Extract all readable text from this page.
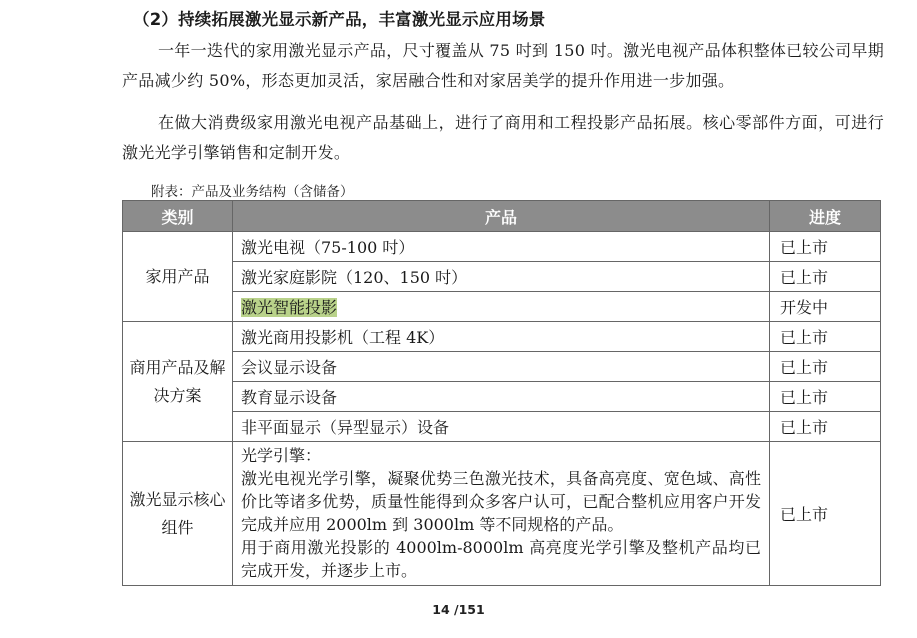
（2）持续拓展激光显示新产品，丰富激光显示应用场景
一年一迭代的家用激光显示产品，尺寸覆盖从 75 吋到 150 吋。激光电视产品体积整体已较公司早期产品减少约 50%，形态更加灵活，家居融合性和对家居美学的提升作用进一步加强。
在做大消费级家用激光电视产品基础上，进行了商用和工程投影产品拓展。核心零部件方面，可进行激光光学引擎销售和定制开发。
附表：产品及业务结构（含储备）
类别	产品	进度
家用产品	激光电视（75-100 吋）	已上市
	激光家庭影院（120、150 吋）	已上市
	激光智能投影	开发中
商用产品及解决方案	激光商用投影机（工程 4K）	已上市
	会议显示设备	已上市
	教育显示设备	已上市
	非平面显示（异型显示）设备	已上市
激光显示核心组件	光学引擎：
激光电视光学引擎，凝聚优势三色激光技术，具备高亮度、宽色域、高性价比等诸多优势，质量性能得到众多客户认可，已配合整机应用客户开发完成并应用 2000lm 到 3000lm 等不同规格的产品。
用于商用激光投影的 4000lm-8000lm 高亮度光学引擎及整机产品均已完成开发，并逐步上市。	已上市
14 /151
